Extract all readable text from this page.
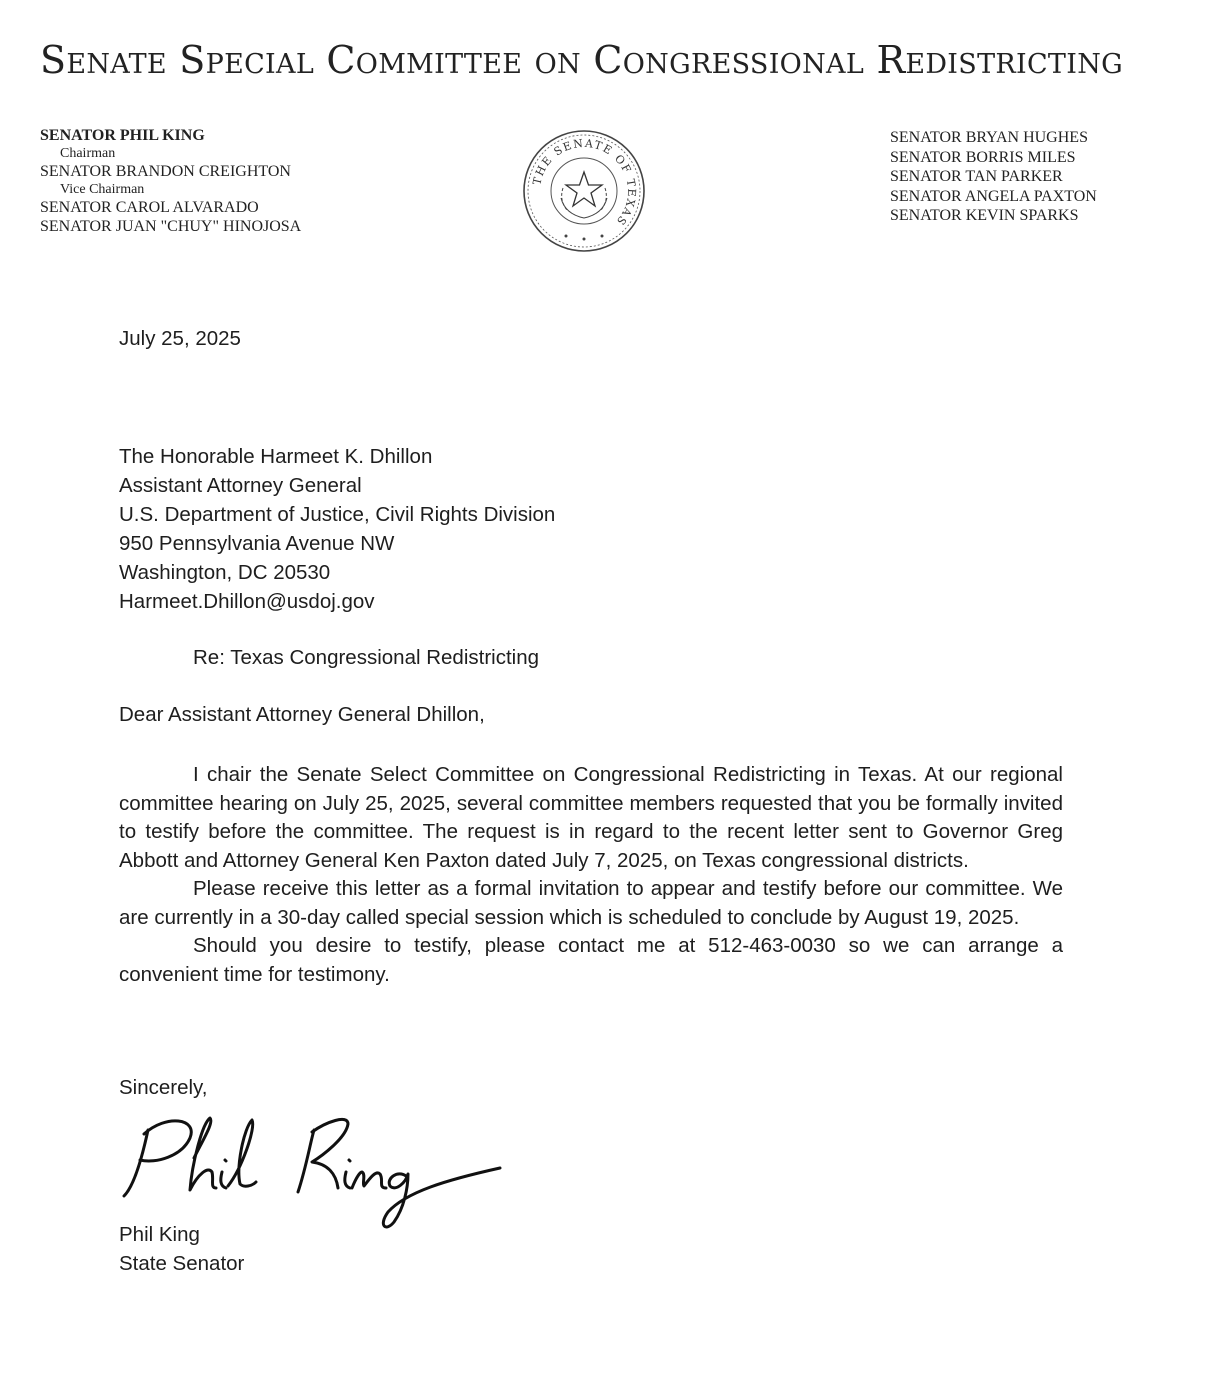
Senate Special Committee on Congressional Redistricting
SENATOR PHIL KING
Chairman
SENATOR BRANDON CREIGHTON
Vice Chairman
SENATOR CAROL ALVARADO
SENATOR JUAN "CHUY" HINOJOSA
THE SENATE OF TEXAS
SENATOR BRYAN HUGHES
SENATOR BORRIS MILES
SENATOR TAN PARKER
SENATOR ANGELA PAXTON
SENATOR KEVIN SPARKS
July 25, 2025
The Honorable Harmeet K. Dhillon
Assistant Attorney General
U.S. Department of Justice, Civil Rights Division
950 Pennsylvania Avenue NW
Washington, DC 20530
Harmeet.Dhillon@usdoj.gov
Re: Texas Congressional Redistricting
Dear Assistant Attorney General Dhillon,

I chair the Senate Select Committee on Congressional Redistricting in Texas. At our regional committee hearing on July 25, 2025, several committee members requested that you be formally invited to testify before the committee. The request is in regard to the recent letter sent to Governor Greg Abbott and Attorney General Ken Paxton dated July 7, 2025, on Texas congressional districts.

Please receive this letter as a formal invitation to appear and testify before our committee. We are currently in a 30-day called special session which is scheduled to conclude by August 19, 2025.

Should you desire to testify, please contact me at 512-463-0030 so we can arrange a convenient time for testimony.

Sincerely,
Phil King
State Senator
